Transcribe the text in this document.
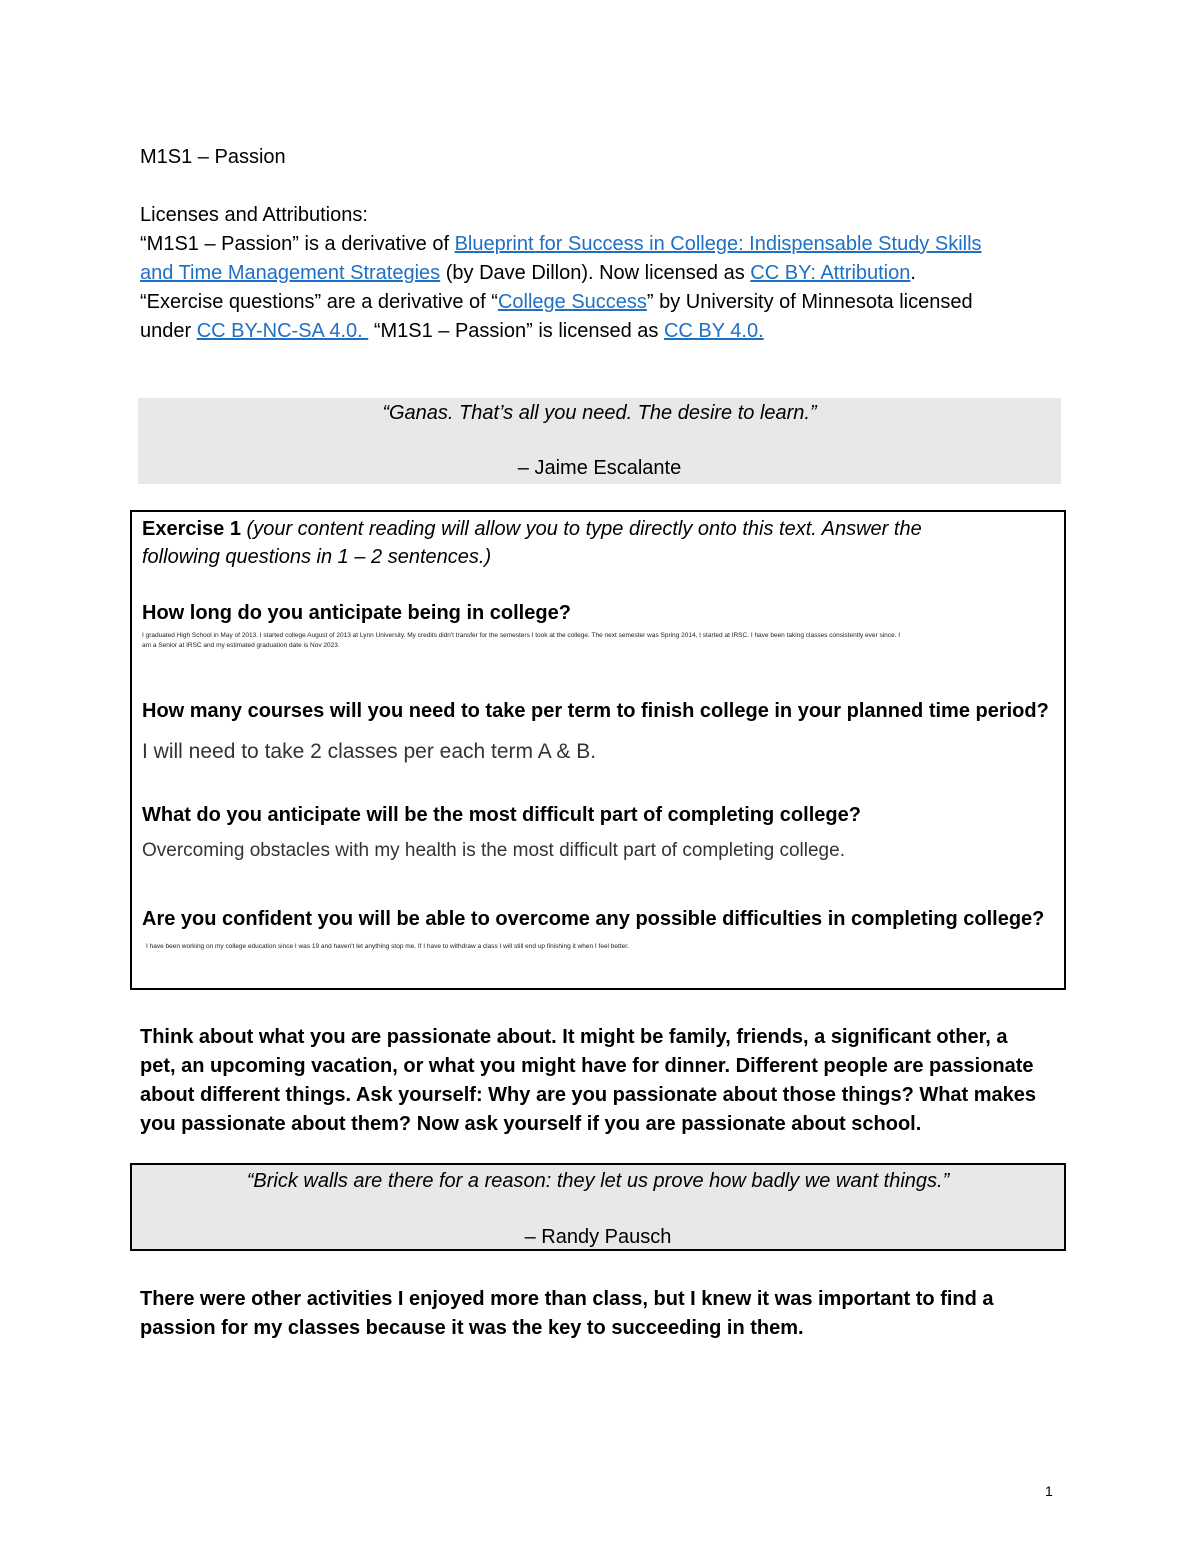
M1S1 – Passion
Licenses and Attributions:
“M1S1 – Passion” is a derivative of Blueprint for Success in College: Indispensable Study Skills
and Time Management Strategies (by Dave Dillon). Now licensed as CC BY: Attribution.
“Exercise questions” are a derivative of “College Success” by University of Minnesota licensed
under CC BY-NC-SA 4.0.  “M1S1 – Passion” is licensed as CC BY 4.0.
“Ganas. That’s all you need. The desire to learn.”
– Jaime Escalante
Exercise 1 (your content reading will allow you to type directly onto this text. Answer the
following questions in 1 – 2 sentences.)
How long do you anticipate being in college?
I graduated High School in May of 2013. I started college August of 2013 at Lynn University. My credits didn't transfer for the semesters I took at the college. The next semester was Spring 2014, I started at IRSC. I have been taking classes consistently ever since. I
am a Senior at IRSC and my estimated graduation date is Nov 2023.
How many courses will you need to take per term to finish college in your planned time period?
I will need to take 2 classes per each term A & B.
What do you anticipate will be the most difficult part of completing college?
Overcoming obstacles with my health is the most difficult part of completing college.
Are you confident you will be able to overcome any possible difficulties in completing college?
I have been working on my college education since I was 19 and haven't let anything stop me. If I have to withdraw a class I will still end up finishing it when I feel better.
Think about what you are passionate about. It might be family, friends, a significant other, a
pet, an upcoming vacation, or what you might have for dinner. Different people are passionate
about different things. Ask yourself: Why are you passionate about those things? What makes
you passionate about them? Now ask yourself if you are passionate about school.
“Brick walls are there for a reason: they let us prove how badly we want things.”
– Randy Pausch
There were other activities I enjoyed more than class, but I knew it was important to find a
passion for my classes because it was the key to succeeding in them.
1
